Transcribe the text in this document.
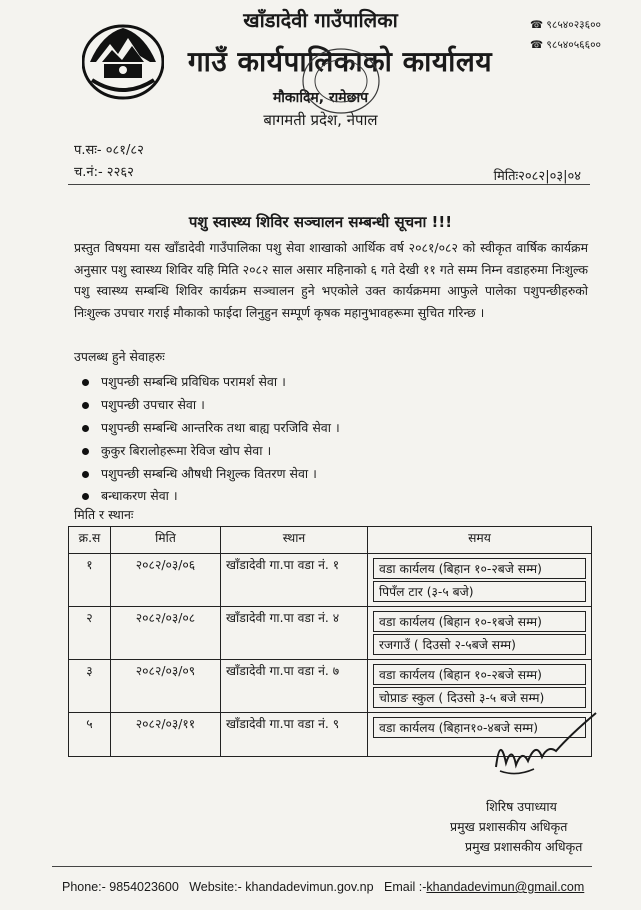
खाँडादेवी गाउँपालिका
गाउँ कार्यपालिकाको कार्यालय
मौकादिम, रामेछाप
बागमती प्रदेश, नेपाल
☎ ९८५४०२३६००
☎ ९८५४०५६६००
प.सः- ०८१/८२
च.नं:- २२६२	मितिः२०८२|०३|०४
पशु स्वास्थ्य शिविर सञ्चालन सम्बन्धी सूचना !!!
प्रस्तुत विषयमा यस खाँडादेवी गाउँपालिका पशु सेवा शाखाको आर्थिक वर्ष २०८१/०८२ को स्वीकृत वार्षिक कार्यक्रम अनुसार पशु स्वास्थ्य शिविर यहि मिति २०८२ साल असार महिनाको ६ गते देखी ११ गते सम्म निम्न वडाहरुमा निःशुल्क पशु स्वास्थ्य सम्बन्धि शिविर कार्यक्रम सञ्चालन हुने भएकोले उक्त कार्यक्रममा आफुले पालेका पशुपन्छीहरुको निःशुल्क उपचार गराई मौकाको फाईदा लिनुहुन सम्पूर्ण कृषक महानुभावहरूमा सुचित गरिन्छ ।
उपलब्ध हुने सेवाहरुः
पशुपन्छी सम्बन्धि प्रविधिक परामर्श सेवा ।
पशुपन्छी उपचार सेवा ।
पशुपन्छी सम्बन्धि आन्तरिक तथा बाह्य परजिवि सेवा ।
कुकुर बिरालोहरूमा रेविज खोप सेवा ।
पशुपन्छी सम्बन्धि औषधी निशुल्क वितरण सेवा ।
बन्धाकरण सेवा ।
मिति र स्थानः
क्र.स	मिति	स्थान	समय
१	२०८२/०३/०६	खाँडादेवी गा.पा वडा नं. १	वडा कार्यलय (बिहान १०-२बजे सम्म)
पिपँल टार (३-५ बजे)

२	२०८२/०३/०८	खाँडादेवी गा.पा वडा नं. ४	वडा कार्यलय (बिहान १०-१बजे सम्म)
रजगाउँ ( दिउसो २-५बजे सम्म)

३	२०८२/०३/०९	खाँडादेवी गा.पा वडा नं. ७	वडा कार्यलय (बिहान १०-२बजे सम्म)
चोप्राङ स्कुल ( दिउसो ३-५ बजे सम्म)

५	२०८२/०३/११	खाँडादेवी गा.पा वडा नं. ९	वडा कार्यलय (बिहान१०-४बजे सम्म)
शिरिष उपाध्याय
प्रमुख प्रशासकीय अधिकृत
प्रमुख प्रशासकीय अधिकृत
Phone:- 9854023600 Website:- khandadevimun.gov.np Email :-khandadevimun@gmail.com
